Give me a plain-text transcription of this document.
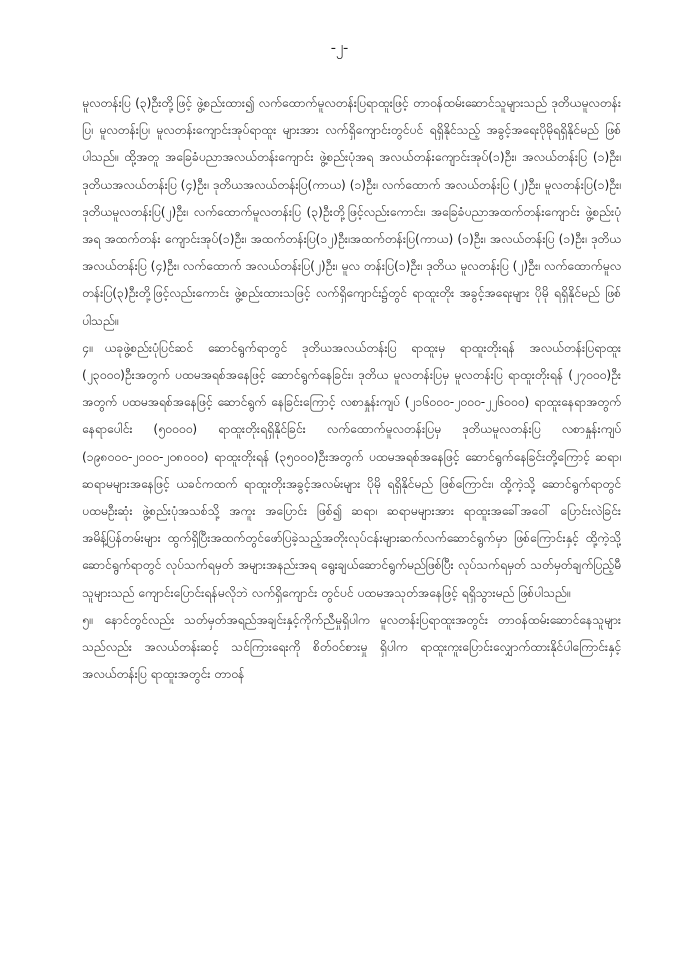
-၂-

မူလတန်းပြ (၃)ဦးတို့ဖြင့် ဖွဲ့စည်းထား၍ လက်ထောက်မူလတန်းပြရာထူးဖြင့် တာဝန်ထမ်းဆောင်သူများသည် ဒုတိယမူလတန်းပြ၊ မူလတန်းပြ၊ မူလတန်းကျောင်းအုပ်ရာထူး များအား လက်ရှိကျောင်းတွင်ပင် ရရှိနိုင်သည့် အခွင့်အရေးပိုမိုရရှိနိုင်မည် ဖြစ်ပါသည်။ ထို့အတူ အခြေခံပညာအလယ်တန်းကျောင်း ဖွဲ့စည်းပုံအရ အလယ်တန်းကျောင်းအုပ်(၁)ဦး၊ အလယ်တန်းပြ (၁)ဦး၊ ဒုတိယအလယ်တန်းပြ (၄)ဦး၊ ဒုတိယအလယ်တန်းပြ(ကာယ) (၁)ဦး၊ လက်ထောက် အလယ်တန်းပြ (၂)ဦး၊ မူလတန်းပြ(၁)ဦး၊ ဒုတိယမူလတန်းပြ(၂)ဦး၊ လက်ထောက်မူလတန်းပြ (၃)ဦးတို့ဖြင့်လည်းကောင်း၊ အခြေခံပညာအထက်တန်းကျောင်း ဖွဲ့စည်းပုံအရ အထက်တန်း ကျောင်းအုပ်(၁)ဦး၊ အထက်တန်းပြ(၁၂)ဦး၊အထက်တန်းပြ(ကာယ) (၁)ဦး၊ အလယ်တန်းပြ (၁)ဦး၊ ဒုတိယအလယ်တန်းပြ (၄)ဦး၊ လက်ထောက် အလယ်တန်းပြ(၂)ဦး၊ မူလ တန်းပြ(၁)ဦး၊ ဒုတိယ မူလတန်းပြ (၂)ဦး၊ လက်ထောက်မူလတန်းပြ(၃)ဦးတို့ဖြင့်လည်းကောင်း ဖွဲ့စည်းထားသဖြင့် လက်ရှိကျောင်း၌တွင် ရာထူးတိုး အခွင့်အရေးများ ပိုမို ရရှိနိုင်မည် ဖြစ်ပါသည်။

၄။ ယခုဖွဲ့စည်းပုံပြင်ဆင် ဆောင်ရွက်ရာတွင် ဒုတိယအလယ်တန်းပြ ရာထူးမှ ရာထူးတိုးရန် အလယ်တန်းပြရာထူး (၂၃၀၀၀)ဦးအတွက် ပထမအရစ်အနေဖြင့် ဆောင်ရွက်နေခြင်း၊ ဒုတိယ မူလတန်းပြမှ မူလတန်းပြ ရာထူးတိုးရန် (၂၇၀၀၀)ဦးအတွက် ပထမအရစ်အနေဖြင့် ဆောင်ရွက် နေခြင်းကြောင့် လစာနှုန်းကျပ် (၂၁၆၀၀၀-၂၀၀၀-၂၂၆၀၀၀) ရာထူးနေရာအတွက် နေရာပေါင်း (၅၀၀၀၀) ရာထူးတိုးရရှိနိုင်ခြင်း လက်ထောက်မူလတန်းပြမှ ဒုတိယမူလတန်းပြ လစာနှုန်းကျပ် (၁၉၈၀၀၀-၂၀၀၀-၂၀၈၀၀၀) ရာထူးတိုးရန် (၃၅၀၀၀)ဦးအတွက် ပထမအရစ်အနေဖြင့် ဆောင်ရွက်နေခြင်းတို့ကြောင့် ဆရာ၊ ဆရာမများအနေဖြင့် ယခင်ကထက် ရာထူးတိုးအခွင့်အလမ်းများ ပိုမို ရရှိနိုင်မည် ဖြစ်ကြောင်း၊ ထို့ကဲ့သို့ ဆောင်ရွက်ရာတွင် ပထမဦးဆုံး ဖွဲ့စည်းပုံအသစ်သို့ အကူး အပြောင်း ဖြစ်၍ ဆရာ၊ ဆရာမများအား ရာထူးအခေါ်အဝေါ် ပြောင်းလဲခြင်း အမိန့်ပြန်တမ်းများ ထွက်ရှိပြီးအထက်တွင်ဖော်ပြခဲ့သည့်အတိုးလုပ်ငန်းများဆက်လက်ဆောင်ရွက်မှာ ဖြစ်ကြောင်းနှင့် ထို့ကဲ့သို့ ဆောင်ရွက်ရာတွင် လုပ်သက်ရမှတ် အများအနည်းအရ ရွေးချယ်ဆောင်ရွက်မည်ဖြစ်ပြီး လုပ်သက်ရမှတ် သတ်မှတ်ချက်ပြည့်မီသူများသည် ကျောင်းပြောင်းရန်မလိုဘဲ လက်ရှိကျောင်း တွင်ပင် ပထမအသုတ်အနေဖြင့် ရရှိသွားမည် ဖြစ်ပါသည်။

၅။ နောင်တွင်လည်း သတ်မှတ်အရည်အချင်းနှင့်ကိုက်ညီမှုရှိပါက မူလတန်းပြရာထူးအတွင်း တာဝန်ထမ်းဆောင်နေသူများသည်လည်း အလယ်တန်းဆင့် သင်ကြားရေးကို စိတ်ဝင်စားမှု ရှိပါက ရာထူးကူးပြောင်းလျှောက်ထားနိုင်ပါကြောင်းနှင့် အလယ်တန်းပြ ရာထူးအတွင်း တာဝန်
